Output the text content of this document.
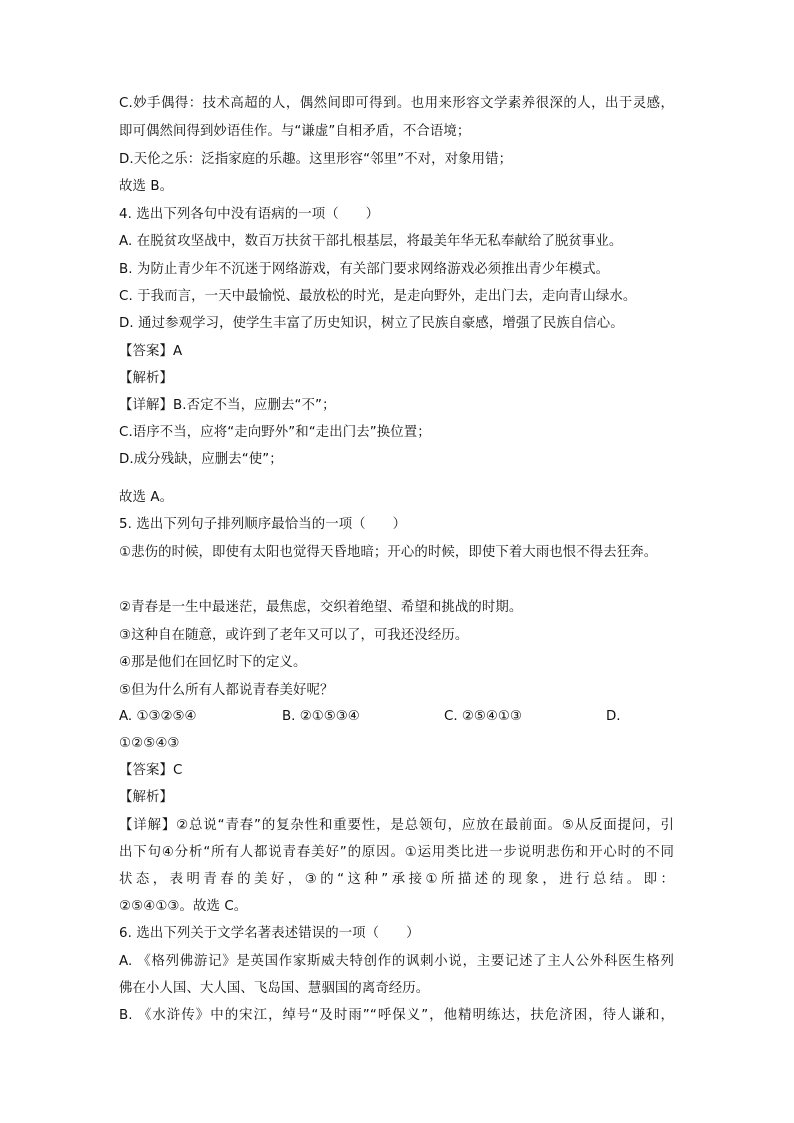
C.妙手偶得：技术高超的人，偶然间即可得到。也用来形容文学素养很深的人，出于灵感，
即可偶然间得到妙语佳作。与“谦虚”自相矛盾，不合语境；
D.天伦之乐：泛指家庭的乐趣。这里形容“邻里”不对，对象用错；
故选 B。
4. 选出下列各句中没有语病的一项（　　）
A. 在脱贫攻坚战中，数百万扶贫干部扎根基层，将最美年华无私奉献给了脱贫事业。
B. 为防止青少年不沉迷于网络游戏，有关部门要求网络游戏必须推出青少年模式。
C. 于我而言，一天中最愉悦、最放松的时光，是走向野外，走出门去，走向青山绿水。
D. 通过参观学习，使学生丰富了历史知识，树立了民族自豪感，增强了民族自信心。
【答案】A
【解析】
【详解】B.否定不当，应删去“不”；
C.语序不当，应将“走向野外”和“走出门去”换位置；
D.成分残缺，应删去“使”；
故选 A。
5. 选出下列句子排列顺序最恰当的一项（　　）
①悲伤的时候，即使有太阳也觉得天昏地暗；开心的时候，即使下着大雨也恨不得去狂奔。
②青春是一生中最迷茫，最焦虑，交织着绝望、希望和挑战的时期。
③这种自在随意，或许到了老年又可以了，可我还没经历。
④那是他们在回忆时下的定义。
⑤但为什么所有人都说青春美好呢？
A. ①③②⑤④	B. ②①⑤③④	C. ②⑤④①③	D.
①②⑤④③
【答案】C
【解析】
【详解】②总说“青春”的复杂性和重要性，是总领句，应放在最前面。⑤从反面提问，引
出下句④分析“所有人都说青春美好”的原因。①运用类比进一步说明悲伤和开心时的不同
状态，表明青春的美好，③的“这种”承接①所描述的现象，进行总结。即：
②⑤④①③。故选 C。
6. 选出下列关于文学名著表述错误的一项（　　）
A. 《格列佛游记》是英国作家斯威夫特创作的讽刺小说，主要记述了主人公外科医生格列
佛在小人国、大人国、飞岛国、慧骃国的离奇经历。
B. 《水浒传》中的宋江，绰号“及时雨”“呼保义”，他精明练达，扶危济困，待人谦和，
